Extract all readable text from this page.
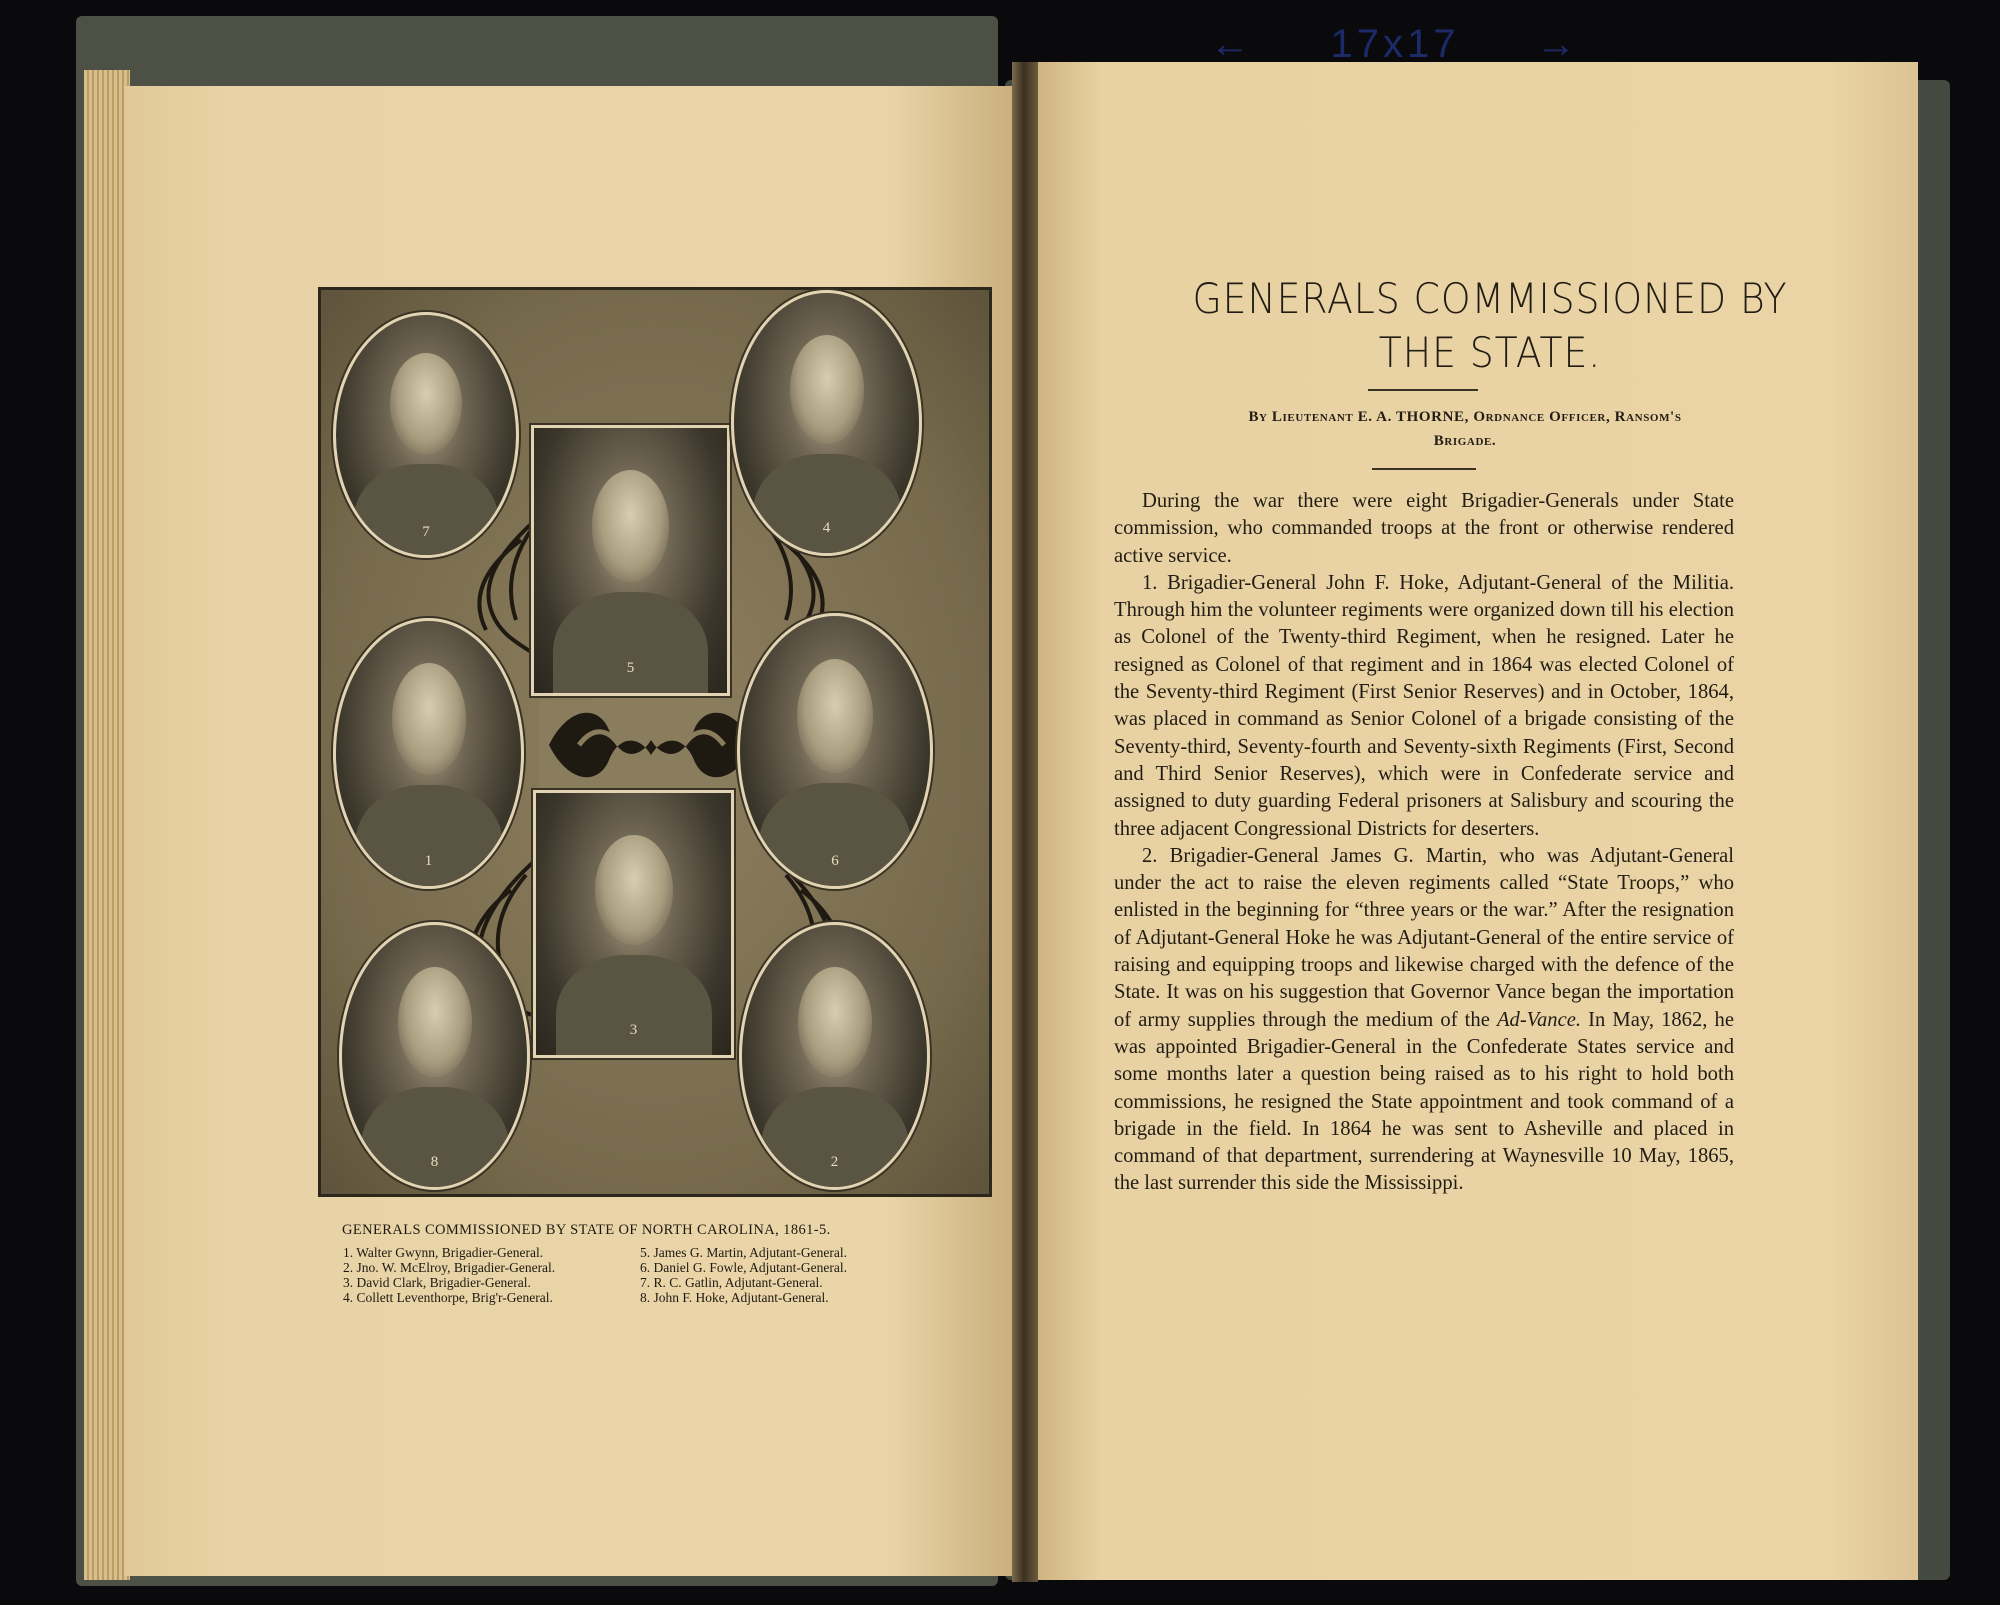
← 17x17 →
7
5
4
1	6
3
8	2
GENERALS COMMISSIONED BY STATE OF NORTH CAROLINA, 1861-5.
1. Walter Gwynn, Brigadier-General.
2. Jno. W. McElroy, Brigadier-General.
3. David Clark, Brigadier-General.
4. Collett Leventhorpe, Brig'r-General.
5. James G. Martin, Adjutant-General.
6. Daniel G. Fowle, Adjutant-General.
7. R. C. Gatlin, Adjutant-General.
8. John F. Hoke, Adjutant-General.
GENERALS COMMISSIONED BY
THE STATE.
By Lieutenant E. A. THORNE, Ordnance Officer, Ransom's
Brigade.

During the war there were eight Brigadier-Generals under State commission, who commanded troops at the front or otherwise rendered active service.

1. Brigadier-General John F. Hoke, Adjutant-General of the Militia. Through him the volunteer regiments were organized down till his election as Colonel of the Twenty-third Regiment, when he resigned. Later he resigned as Colonel of that regiment and in 1864 was elected Colonel of the Seventy-third Regiment (First Senior Reserves) and in October, 1864, was placed in command as Senior Colonel of a brigade consisting of the Seventy-third, Seventy-fourth and Seventy-sixth Regiments (First, Second and Third Senior Reserves), which were in Confederate service and assigned to duty guarding Federal prisoners at Salisbury and scouring the three adjacent Congressional Districts for deserters.

2. Brigadier-General James G. Martin, who was Adjutant-General under the act to raise the eleven regiments called “State Troops,” who enlisted in the beginning for “three years or the war.” After the resignation of Adjutant-General Hoke he was Adjutant-General of the entire service of raising and equipping troops and likewise charged with the defence of the State. It was on his suggestion that Governor Vance began the importation of army supplies through the medium of the Ad-Vance. In May, 1862, he was appointed Brigadier-General in the Confederate States service and some months later a question being raised as to his right to hold both commissions, he resigned the State appointment and took command of a brigade in the field. In 1864 he was sent to Asheville and placed in command of that department, surrendering at Waynesville 10 May, 1865, the last surrender this side the Mississippi.
